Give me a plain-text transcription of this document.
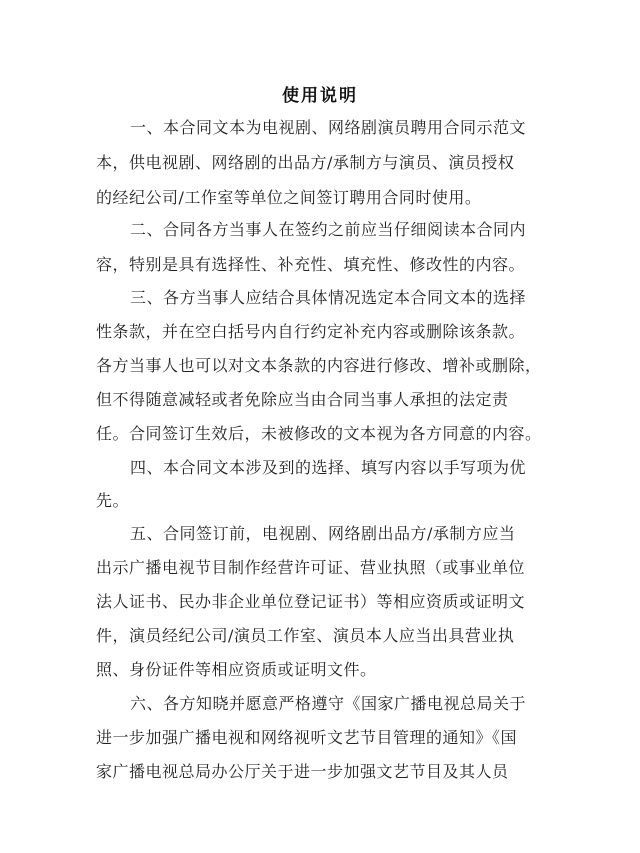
使用说明
一、本合同文本为电视剧、网络剧演员聘用合同示范文
本，供电视剧、网络剧的出品方/承制方与演员、演员授权
的经纪公司/工作室等单位之间签订聘用合同时使用。
二、合同各方当事人在签约之前应当仔细阅读本合同内
容，特别是具有选择性、补充性、填充性、修改性的内容。
三、各方当事人应结合具体情况选定本合同文本的选择
性条款，并在空白括号内自行约定补充内容或删除该条款。
各方当事人也可以对文本条款的内容进行修改、增补或删除，
但不得随意减轻或者免除应当由合同当事人承担的法定责
任。合同签订生效后，未被修改的文本视为各方同意的内容。
四、本合同文本涉及到的选择、填写内容以手写项为优
先。
五、合同签订前，电视剧、网络剧出品方/承制方应当
出示广播电视节目制作经营许可证、营业执照（或事业单位
法人证书、民办非企业单位登记证书）等相应资质或证明文
件，演员经纪公司/演员工作室、演员本人应当出具营业执
照、身份证件等相应资质或证明文件。
六、各方知晓并愿意严格遵守《国家广播电视总局关于
进一步加强广播电视和网络视听文艺节目管理的通知》《国
家广播电视总局办公厅关于进一步加强文艺节目及其人员
